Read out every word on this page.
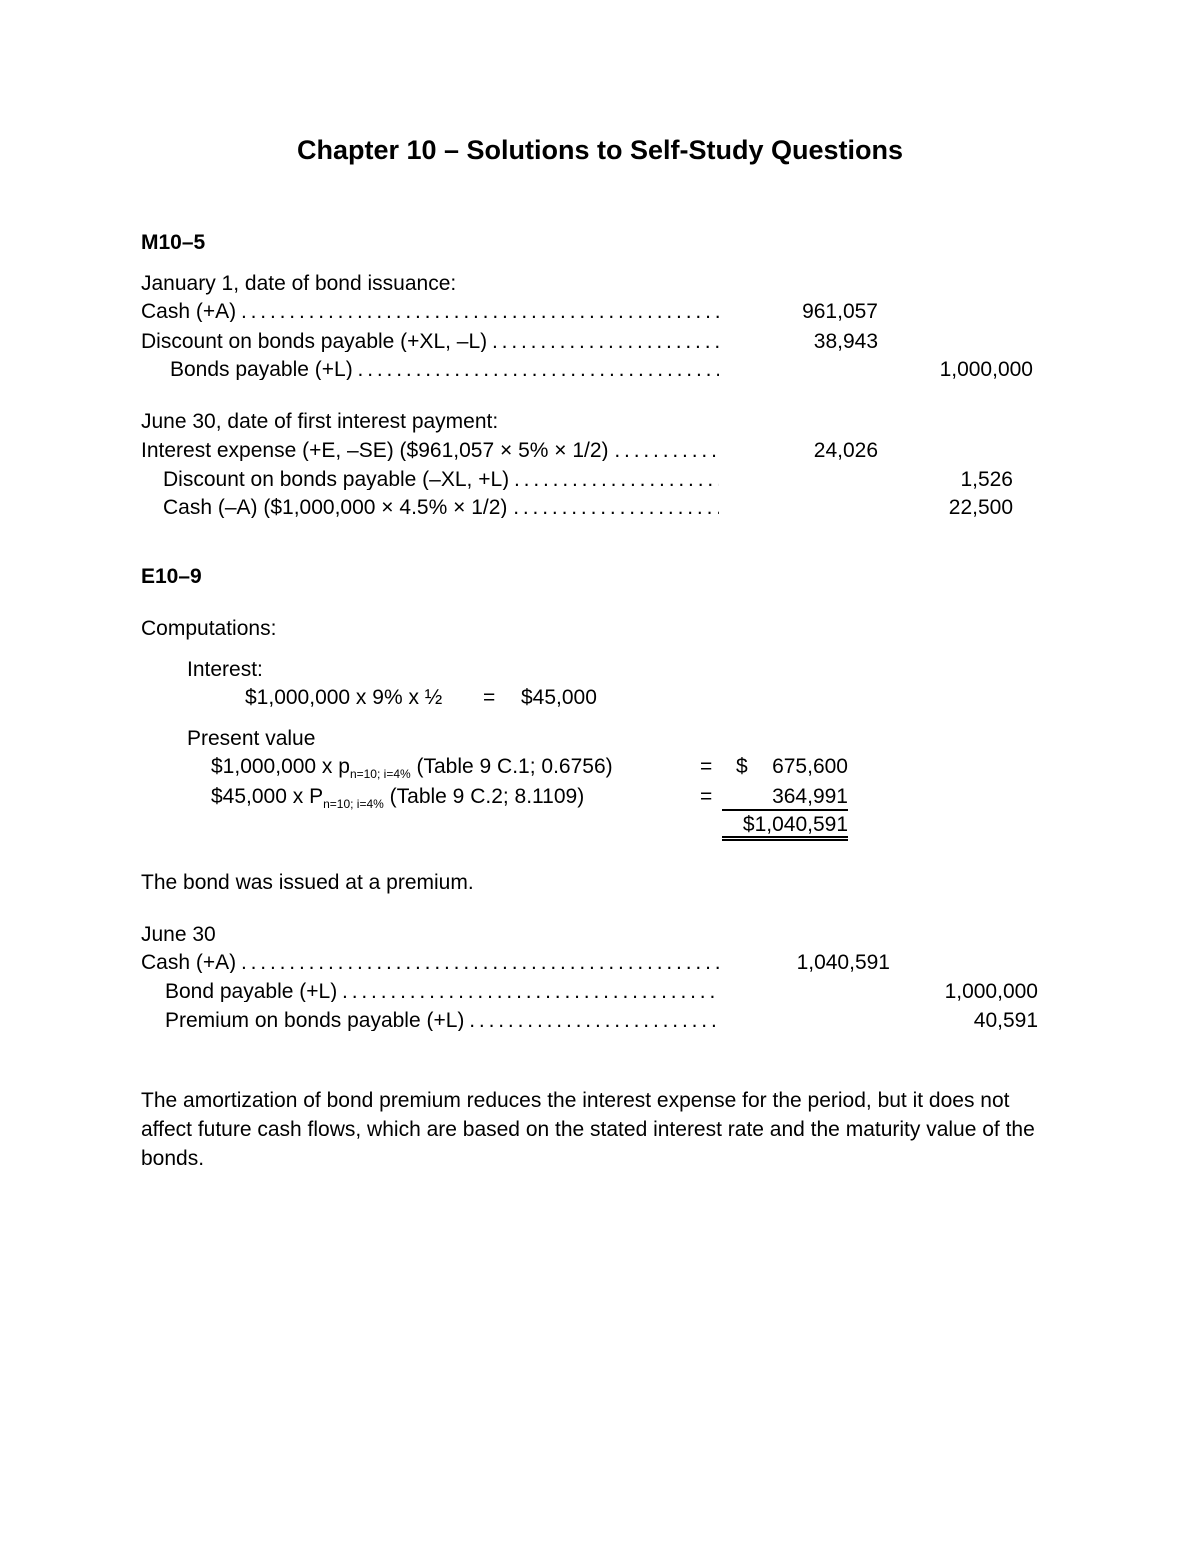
Chapter 10 – Solutions to Self-Study Questions
M10–5
January 1, date of bond issuance:
Cash (+A) . . .	961,057
Discount on bonds payable (+XL, –L) . . .	38,943
Bonds payable (+L) . . .	1,000,000
June 30, date of first interest payment:
Interest expense (+E, –SE) ($961,057 × 5% × 1/2) . . .	24,026
Discount on bonds payable (–XL, +L) . . .	1,526
Cash (–A) ($1,000,000 × 4.5% × 1/2) . . .	22,500
E10–9
Computations:
Interest:
$1,000,000 x 9% x ½ = $45,000
Present value
$1,000,000 x $p_{n=10; i=4\%}$ (Table 9 C.1; 0.6756)	= $	675,600
$45,000 x $P_{n=10; i=4\%}$ (Table 9 C.2; 8.1109)	=	364,991
$1,040,591
The bond was issued at a premium.
June 30
Cash (+A) . . .	1,040,591
Bond payable (+L) . . .	1,000,000
Premium on bonds payable (+L) . . .	40,591
The amortization of bond premium reduces the interest expense for the period, but it does not affect future cash flows, which are based on the stated interest rate and the maturity value of the bonds.
